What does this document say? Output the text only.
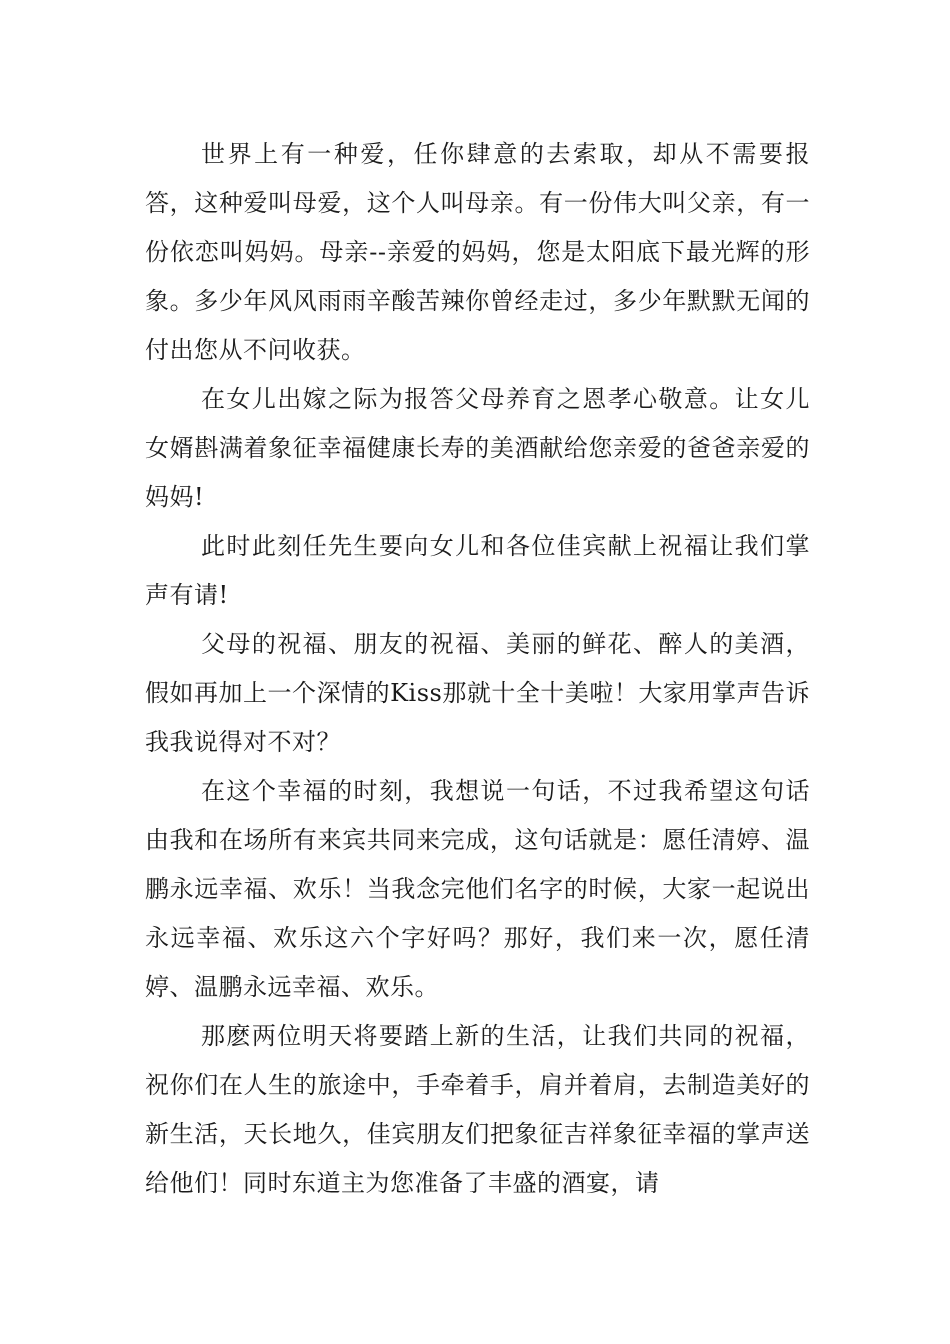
世界上有一种爱，任你肆意的去索取，却从不需要报答，这种爱叫母爱，这个人叫母亲。有一份伟大叫父亲，有一份依恋叫妈妈。母亲--亲爱的妈妈，您是太阳底下最光辉的形象。多少年风风雨雨辛酸苦辣你曾经走过，多少年默默无闻的付出您从不问收获。

在女儿出嫁之际为报答父母养育之恩孝心敬意。让女儿女婿斟满着象征幸福健康长寿的美酒献给您亲爱的爸爸亲爱的妈妈!

此时此刻任先生要向女儿和各位佳宾献上祝福让我们掌声有请!

父母的祝福、朋友的祝福、美丽的鲜花、醉人的美酒，假如再加上一个深情的Kiss那就十全十美啦！大家用掌声告诉我我说得对不对？

在这个幸福的时刻，我想说一句话，不过我希望这句话由我和在场所有来宾共同来完成，这句话就是：愿任清婷、温鹏永远幸福、欢乐！当我念完他们名字的时候，大家一起说出永远幸福、欢乐这六个字好吗？那好，我们来一次，愿任清婷、温鹏永远幸福、欢乐。

那麽两位明天将要踏上新的生活，让我们共同的祝福，祝你们在人生的旅途中，手牵着手，肩并着肩，去制造美好的新生活，天长地久，佳宾朋友们把象征吉祥象征幸福的掌声送给他们！同时东道主为您准备了丰盛的酒宴，请
